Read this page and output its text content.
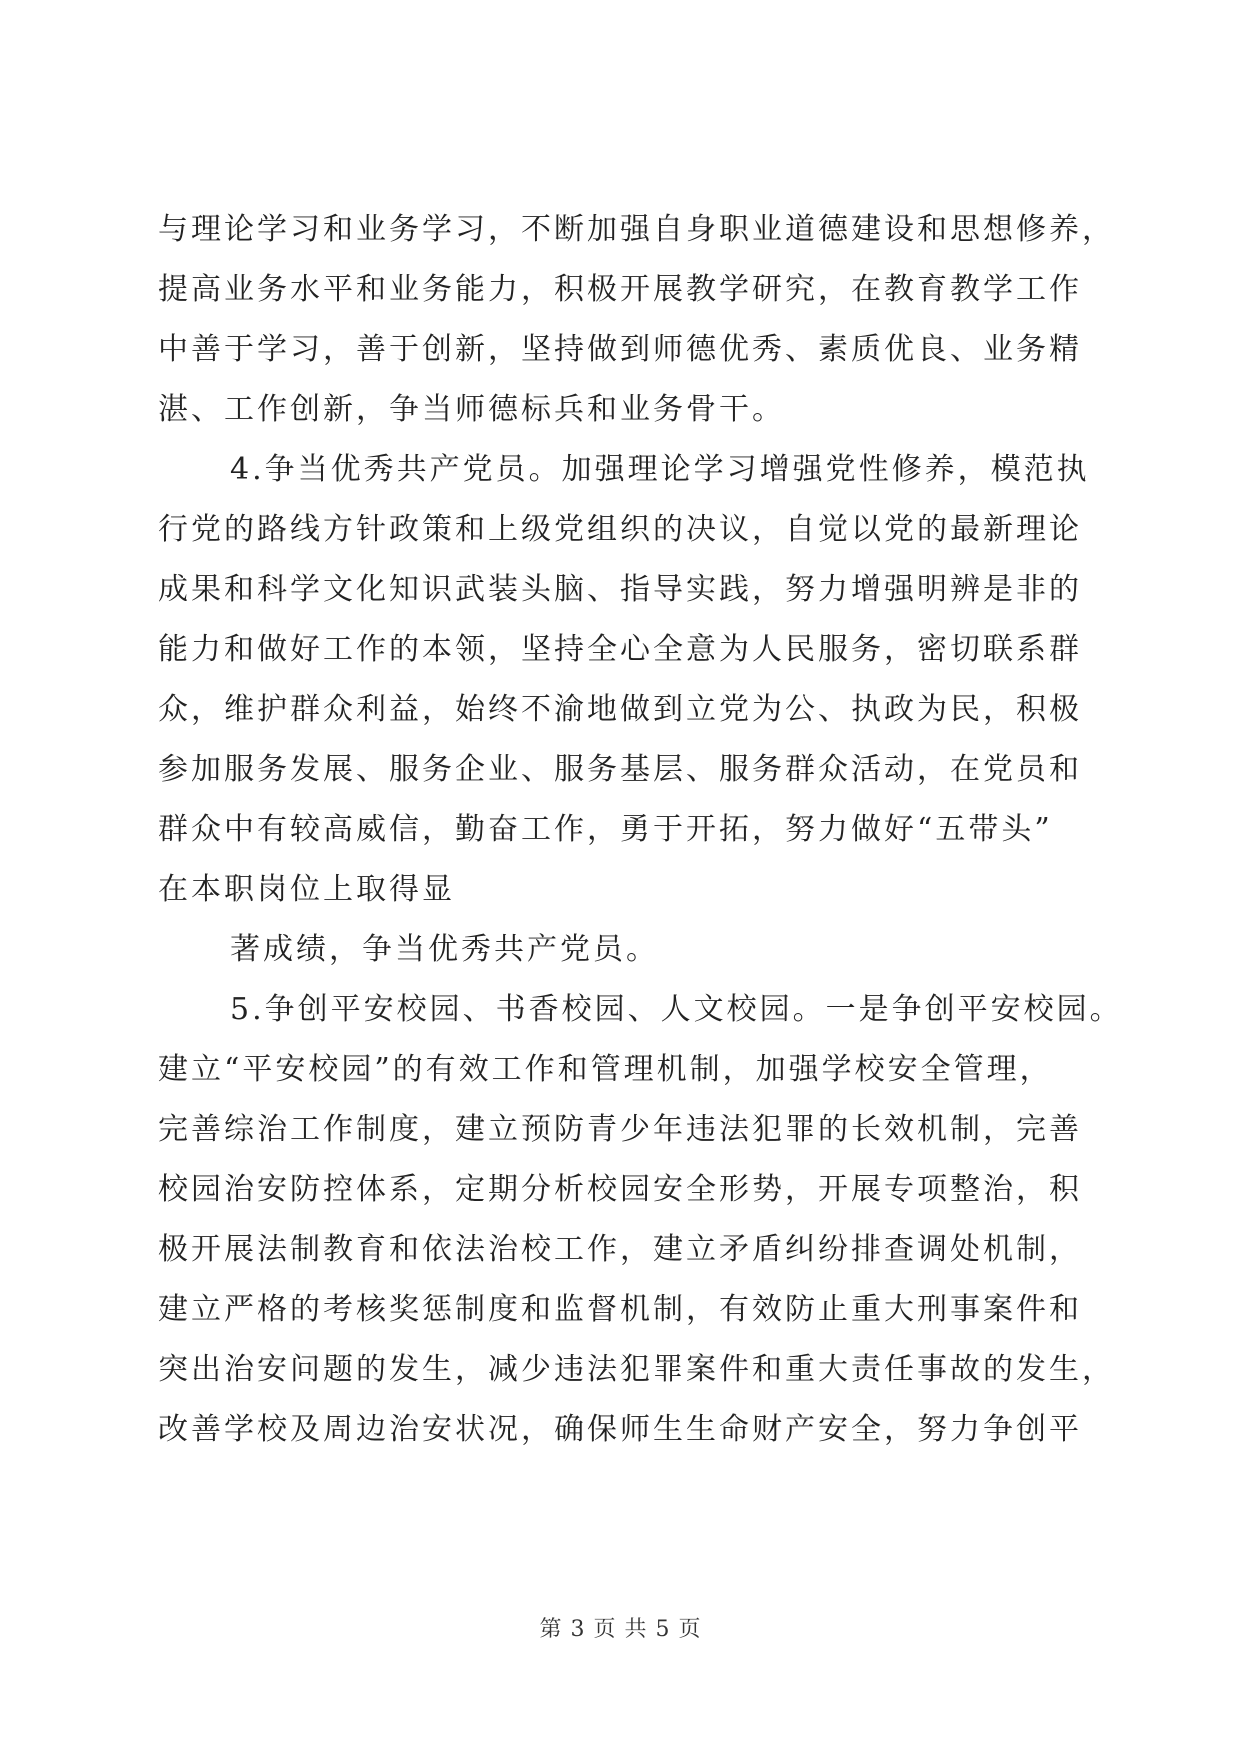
与理论学习和业务学习，不断加强自身职业道德建设和思想修养，
提高业务水平和业务能力，积极开展教学研究，在教育教学工作
中善于学习，善于创新，坚持做到师德优秀、素质优良、业务精
湛、工作创新，争当师德标兵和业务骨干。
4.争当优秀共产党员。加强理论学习增强党性修养，模范执
行党的路线方针政策和上级党组织的决议，自觉以党的最新理论
成果和科学文化知识武装头脑、指导实践，努力增强明辨是非的
能力和做好工作的本领，坚持全心全意为人民服务，密切联系群
众，维护群众利益，始终不渝地做到立党为公、执政为民，积极
参加服务发展、服务企业、服务基层、服务群众活动，在党员和
群众中有较高威信，勤奋工作，勇于开拓，努力做好“五带头”
在本职岗位上取得显
著成绩，争当优秀共产党员。
5.争创平安校园、书香校园、人文校园。一是争创平安校园。
建立“平安校园”的有效工作和管理机制，加强学校安全管理，
完善综治工作制度，建立预防青少年违法犯罪的长效机制，完善
校园治安防控体系，定期分析校园安全形势，开展专项整治，积
极开展法制教育和依法治校工作，建立矛盾纠纷排查调处机制，
建立严格的考核奖惩制度和监督机制，有效防止重大刑事案件和
突出治安问题的发生，减少违法犯罪案件和重大责任事故的发生，
改善学校及周边治安状况，确保师生生命财产安全，努力争创平
第 3 页 共 5 页
